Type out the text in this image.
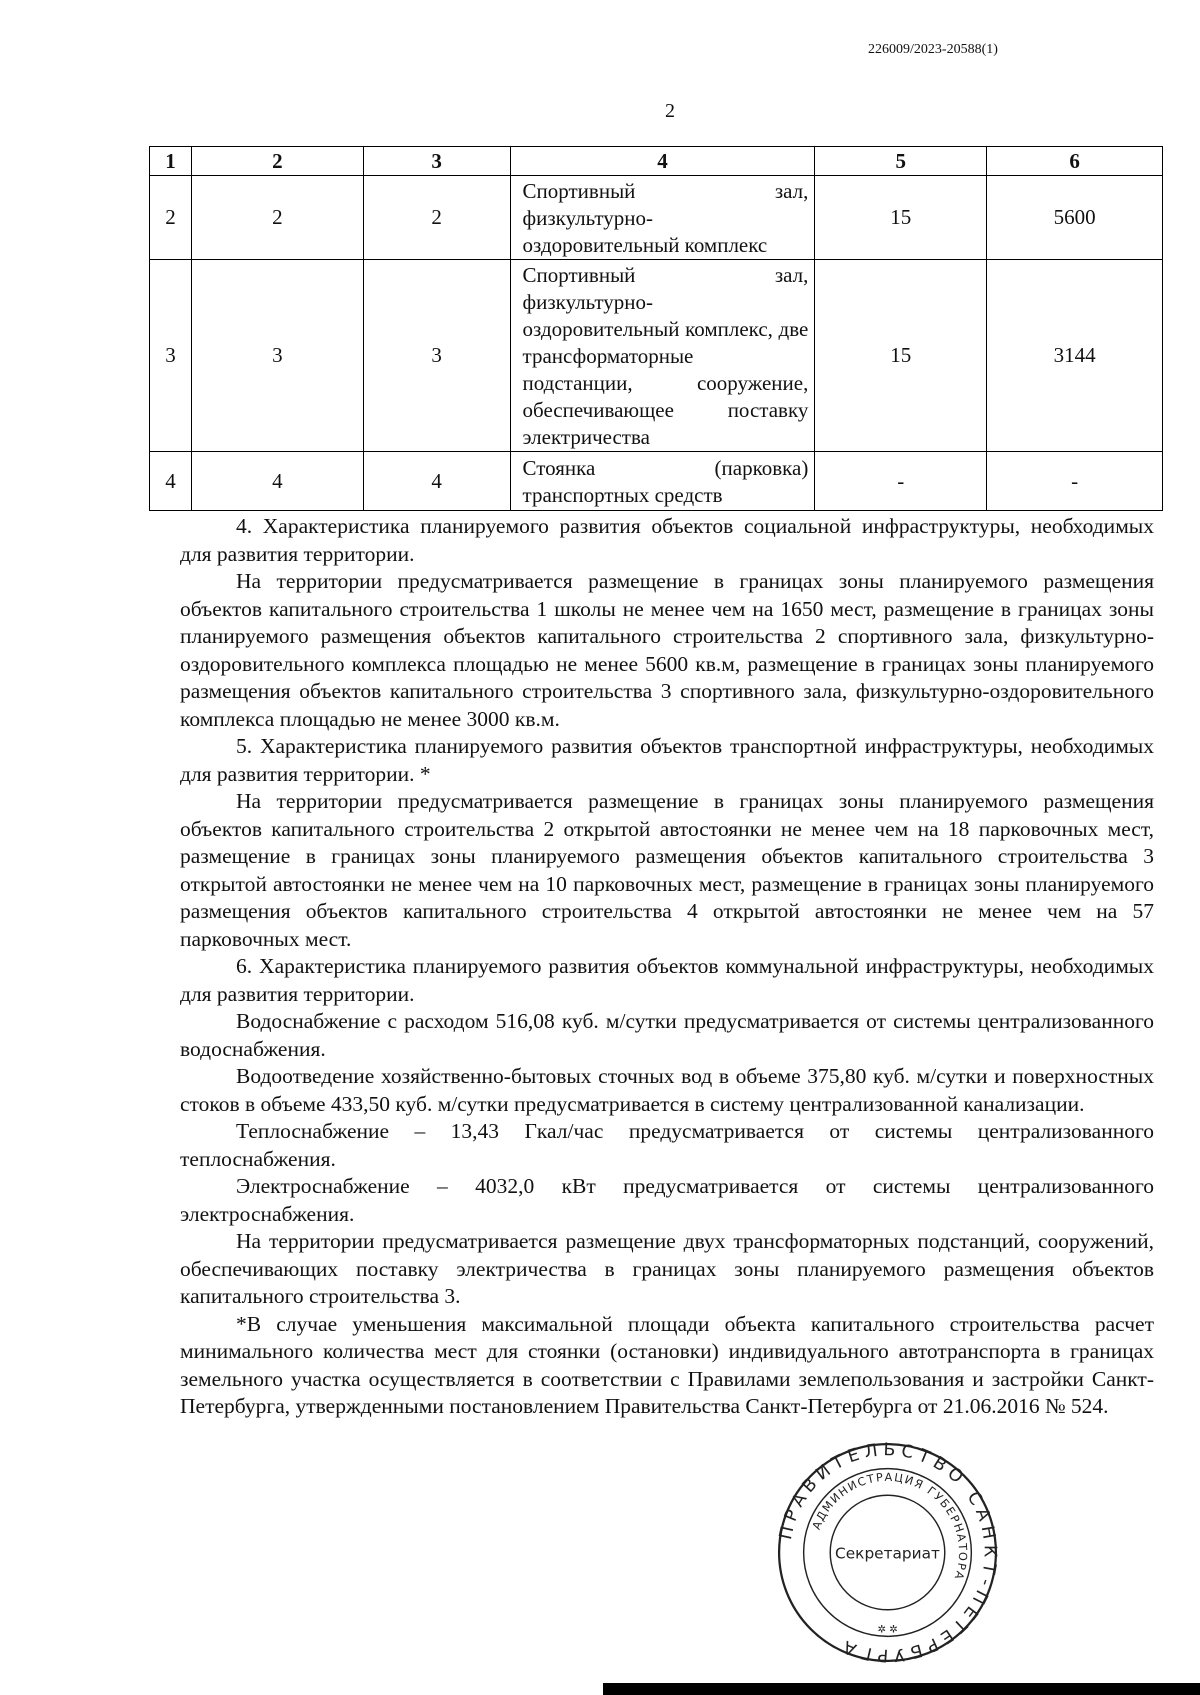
226009/2023-20588(1)
2
1	2	3	4	5	6
2	2	2	Спортивный зал, физкультурно-оздоровительный комплекс	15	5600
3	3	3	Спортивный зал, физкультурно-оздоровительный комплекс, две трансформаторные подстанции, сооружение, обеспечивающее поставку электричества	15	3144
4	4	4	Стоянка (парковка) транспортных средств	-	-

4. Характеристика планируемого развития объектов социальной инфраструктуры, необходимых для развития территории.

На территории предусматривается размещение в границах зоны планируемого размещения объектов капитального строительства 1 школы не менее чем на 1650 мест, размещение в границах зоны планируемого размещения объектов капитального строительства 2 спортивного зала, физкультурно-оздоровительного комплекса площадью не менее 5600 кв.м, размещение в границах зоны планируемого размещения объектов капитального строительства 3 спортивного зала, физкультурно-оздоровительного комплекса площадью не менее 3000 кв.м.

5. Характеристика планируемого развития объектов транспортной инфраструктуры, необходимых для развития территории. *

На территории предусматривается размещение в границах зоны планируемого размещения объектов капитального строительства 2 открытой автостоянки не менее чем на 18 парковочных мест, размещение в границах зоны планируемого размещения объектов капитального строительства 3 открытой автостоянки не менее чем на 10 парковочных мест, размещение в границах зоны планируемого размещения объектов капитального строительства 4 открытой автостоянки не менее чем на 57 парковочных мест.

6. Характеристика планируемого развития объектов коммунальной инфраструктуры, необходимых для развития территории.

Водоснабжение с расходом 516,08 куб. м/сутки предусматривается от системы централизованного водоснабжения.

Водоотведение хозяйственно-бытовых сточных вод в объеме 375,80 куб. м/сутки и поверхностных стоков в объеме 433,50 куб. м/сутки предусматривается в систему централизованной канализации.

Теплоснабжение – 13,43 Гкал/час предусматривается от системы централизованного теплоснабжения.

Электроснабжение – 4032,0 кВт предусматривается от системы централизованного электроснабжения.

На территории предусматривается размещение двух трансформаторных подстанций, сооружений, обеспечивающих поставку электричества в границах зоны планируемого размещения объектов капитального строительства 3.

*В случае уменьшения максимальной площади объекта капитального строительства расчет минимального количества мест для стоянки (остановки) индивидуального автотранспорта в границах земельного участка осуществляется в соответствии с Правилами землепользования и застройки Санкт-Петербурга, утвержденными постановлением Правительства Санкт-Петербурга от 21.06.2016 № 524.

ПРАВИТЕЛЬСТВО САНКТ-ПЕТЕРБУРГА
АДМИНИСТРАЦИЯ ГУБЕРНАТОРА
Секретариат
✲ ✲
